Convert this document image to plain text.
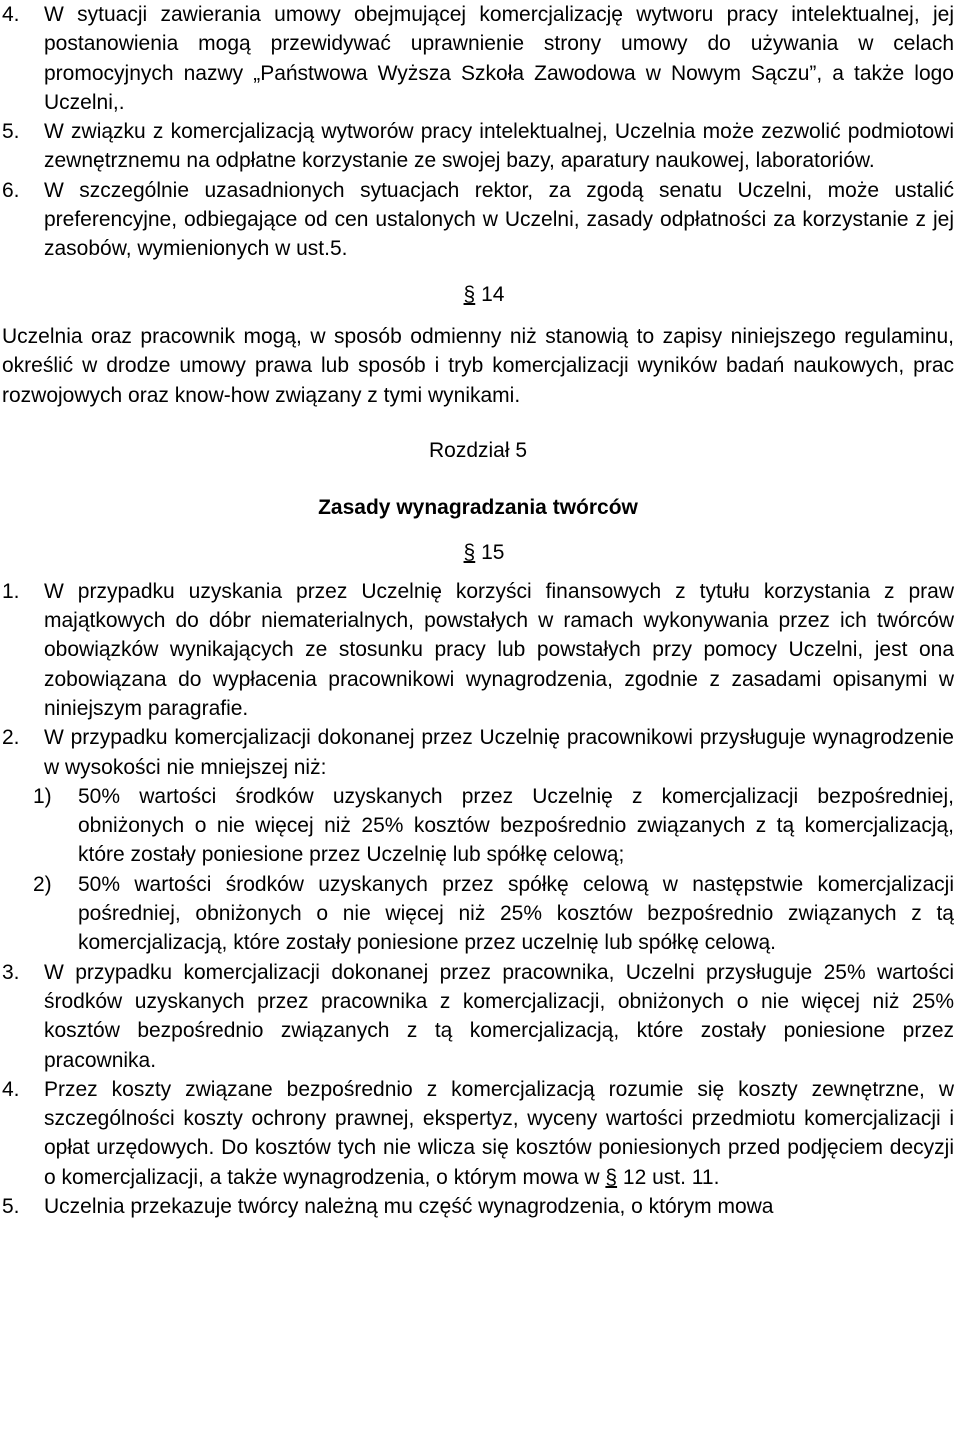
4.	W sytuacji zawierania umowy obejmującej komercjalizację wytworu pracy intelektualnej, jej postanowienia mogą przewidywać uprawnienie strony umowy do używania w celach promocyjnych nazwy „Państwowa Wyższa Szkoła Zawodowa w Nowym Sączu”, a także logo Uczelni,.
5.	W związku z komercjalizacją wytworów pracy intelektualnej, Uczelnia może zezwolić podmiotowi zewnętrznemu na odpłatne korzystanie ze swojej bazy, aparatury naukowej, laboratoriów.
6.	W szczególnie uzasadnionych sytuacjach rektor, za zgodą senatu Uczelni, może ustalić preferencyjne, odbiegające od cen ustalonych w Uczelni, zasady odpłatności za korzystanie z jej zasobów, wymienionych w ust.5.
§ 14
Uczelnia oraz pracownik mogą, w sposób odmienny niż stanowią to zapisy niniejszego regulaminu, określić w drodze umowy prawa lub sposób i tryb komercjalizacji wyników badań naukowych, prac rozwojowych oraz know-how związany z tymi wynikami.
Rozdział 5
Zasady wynagradzania twórców
§ 15
1.	W przypadku uzyskania przez Uczelnię korzyści finansowych z tytułu korzystania z praw majątkowych do dóbr niematerialnych, powstałych w ramach wykonywania przez ich twórców obowiązków wynikających ze stosunku pracy lub powstałych przy pomocy Uczelni, jest ona zobowiązana do wypłacenia pracownikowi wynagrodzenia, zgodnie z zasadami opisanymi w niniejszym paragrafie.
2.	W przypadku komercjalizacji dokonanej przez Uczelnię pracownikowi przysługuje wynagrodzenie w wysokości nie mniejszej niż:
1)	50% wartości środków uzyskanych przez Uczelnię z komercjalizacji bezpośredniej, obniżonych o nie więcej niż 25% kosztów bezpośrednio związanych z tą komercjalizacją, które zostały poniesione przez Uczelnię lub spółkę celową;
2)	50% wartości środków uzyskanych przez spółkę celową w następstwie komercjalizacji pośredniej, obniżonych o nie więcej niż 25% kosztów bezpośrednio związanych z tą komercjalizacją, które zostały poniesione przez uczelnię lub spółkę celową.
3.	W przypadku komercjalizacji dokonanej przez pracownika, Uczelni przysługuje 25% wartości środków uzyskanych przez pracownika z komercjalizacji, obniżonych o nie więcej niż 25% kosztów bezpośrednio związanych z tą komercjalizacją, które zostały poniesione przez pracownika.
4.	Przez koszty związane bezpośrednio z komercjalizacją rozumie się koszty zewnętrzne, w szczególności koszty ochrony prawnej, ekspertyz, wyceny wartości przedmiotu komercjalizacji i opłat urzędowych. Do kosztów tych nie wlicza się kosztów poniesionych przed podjęciem decyzji o komercjalizacji, a także wynagrodzenia, o którym mowa w § 12 ust. 11.
5.	Uczelnia przekazuje twórcy należną mu część wynagrodzenia, o którym mowa
